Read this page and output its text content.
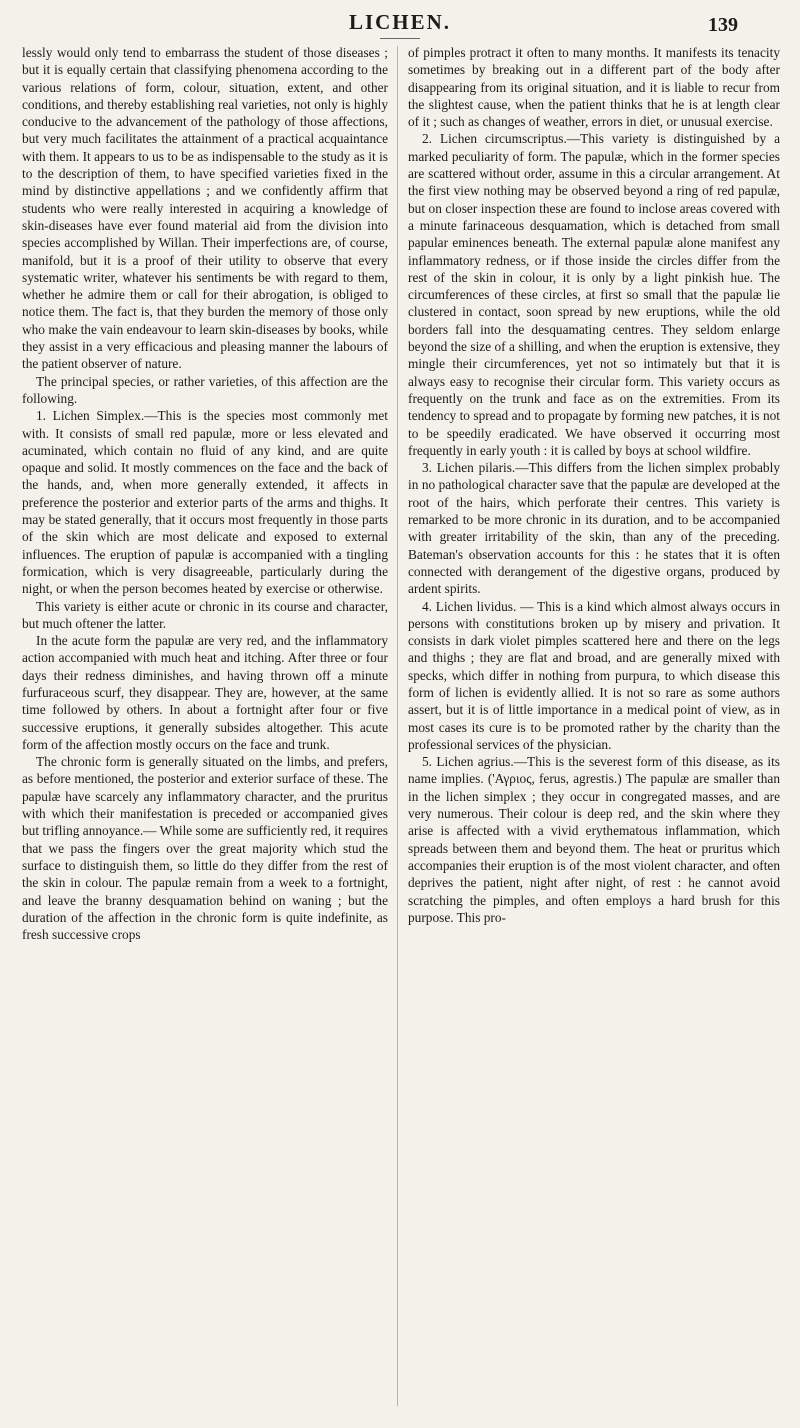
LICHEN.	139

lessly would only tend to embarrass the student of those diseases ; but it is equally certain that classifying phenomena according to the various relations of form, colour, situation, extent, and other conditions, and thereby establishing real varieties, not only is highly conducive to the advancement of the pathology of those affections, but very much facilitates the attainment of a practical acquaintance with them. It appears to us to be as indispensable to the study as it is to the description of them, to have specified varieties fixed in the mind by distinctive appellations ; and we confidently affirm that students who were really interested in acquiring a knowledge of skin-diseases have ever found material aid from the division into species accomplished by Willan. Their imperfections are, of course, manifold, but it is a proof of their utility to observe that every systematic writer, whatever his sentiments be with regard to them, whether he admire them or call for their abrogation, is obliged to notice them. The fact is, that they burden the memory of those only who make the vain endeavour to learn skin-diseases by books, while they assist in a very efficacious and pleasing manner the labours of the patient observer of nature.

The principal species, or rather varieties, of this affection are the following.

1. Lichen Simplex.—This is the species most commonly met with. It consists of small red papulæ, more or less elevated and acuminated, which contain no fluid of any kind, and are quite opaque and solid. It mostly commences on the face and the back of the hands, and, when more generally extended, it affects in preference the posterior and exterior parts of the arms and thighs. It may be stated generally, that it occurs most frequently in those parts of the skin which are most delicate and exposed to external influences. The eruption of papulæ is accompanied with a tingling formication, which is very disagreeable, particularly during the night, or when the person becomes heated by exercise or otherwise.

This variety is either acute or chronic in its course and character, but much oftener the latter.

In the acute form the papulæ are very red, and the inflammatory action accompanied with much heat and itching. After three or four days their redness diminishes, and having thrown off a minute furfuraceous scurf, they disappear. They are, however, at the same time followed by others. In about a fortnight after four or five successive eruptions, it generally subsides altogether. This acute form of the affection mostly occurs on the face and trunk.

The chronic form is generally situated on the limbs, and prefers, as before mentioned, the posterior and exterior surface of these. The papulæ have scarcely any inflammatory character, and the pruritus with which their manifestation is preceded or accompanied gives but trifling annoyance.— While some are sufficiently red, it requires that we pass the fingers over the great majority which stud the surface to distinguish them, so little do they differ from the rest of the skin in colour. The papulæ remain from a week to a fortnight, and leave the branny desquamation behind on waning ; but the duration of the affection in the chronic form is quite indefinite, as fresh successive crops

of pimples protract it often to many months. It manifests its tenacity sometimes by breaking out in a different part of the body after disappearing from its original situation, and it is liable to recur from the slightest cause, when the patient thinks that he is at length clear of it ; such as changes of weather, errors in diet, or unusual exercise.

2. Lichen circumscriptus.—This variety is distinguished by a marked peculiarity of form. The papulæ, which in the former species are scattered without order, assume in this a circular arrangement. At the first view nothing may be observed beyond a ring of red papulæ, but on closer inspection these are found to inclose areas covered with a minute farinaceous desquamation, which is detached from small papular eminences beneath. The external papulæ alone manifest any inflammatory redness, or if those inside the circles differ from the rest of the skin in colour, it is only by a light pinkish hue. The circumferences of these circles, at first so small that the papulæ lie clustered in contact, soon spread by new eruptions, while the old borders fall into the desquamating centres. They seldom enlarge beyond the size of a shilling, and when the eruption is extensive, they mingle their circumferences, yet not so intimately but that it is always easy to recognise their circular form. This variety occurs as frequently on the trunk and face as on the extremities. From its tendency to spread and to propagate by forming new patches, it is not to be speedily eradicated. We have observed it occurring most frequently in early youth : it is called by boys at school wildfire.

3. Lichen pilaris.—This differs from the lichen simplex probably in no pathological character save that the papulæ are developed at the root of the hairs, which perforate their centres. This variety is remarked to be more chronic in its duration, and to be accompanied with greater irritability of the skin, than any of the preceding. Bateman's observation accounts for this : he states that it is often connected with derangement of the digestive organs, produced by ardent spirits.

4. Lichen lividus. — This is a kind which almost always occurs in persons with constitutions broken up by misery and privation. It consists in dark violet pimples scattered here and there on the legs and thighs ; they are flat and broad, and are generally mixed with specks, which differ in nothing from purpura, to which disease this form of lichen is evidently allied. It is not so rare as some authors assert, but it is of little importance in a medical point of view, as in most cases its cure is to be promoted rather by the charity than the professional services of the physician.

5. Lichen agrius.—This is the severest form of this disease, as its name implies. ('Αγριος, ferus, agrestis.) The papulæ are smaller than in the lichen simplex ; they occur in congregated masses, and are very numerous. Their colour is deep red, and the skin where they arise is affected with a vivid erythematous inflammation, which spreads between them and beyond them. The heat or pruritus which accompanies their eruption is of the most violent character, and often deprives the patient, night after night, of rest : he cannot avoid scratching the pimples, and often employs a hard brush for this purpose. This pro-
